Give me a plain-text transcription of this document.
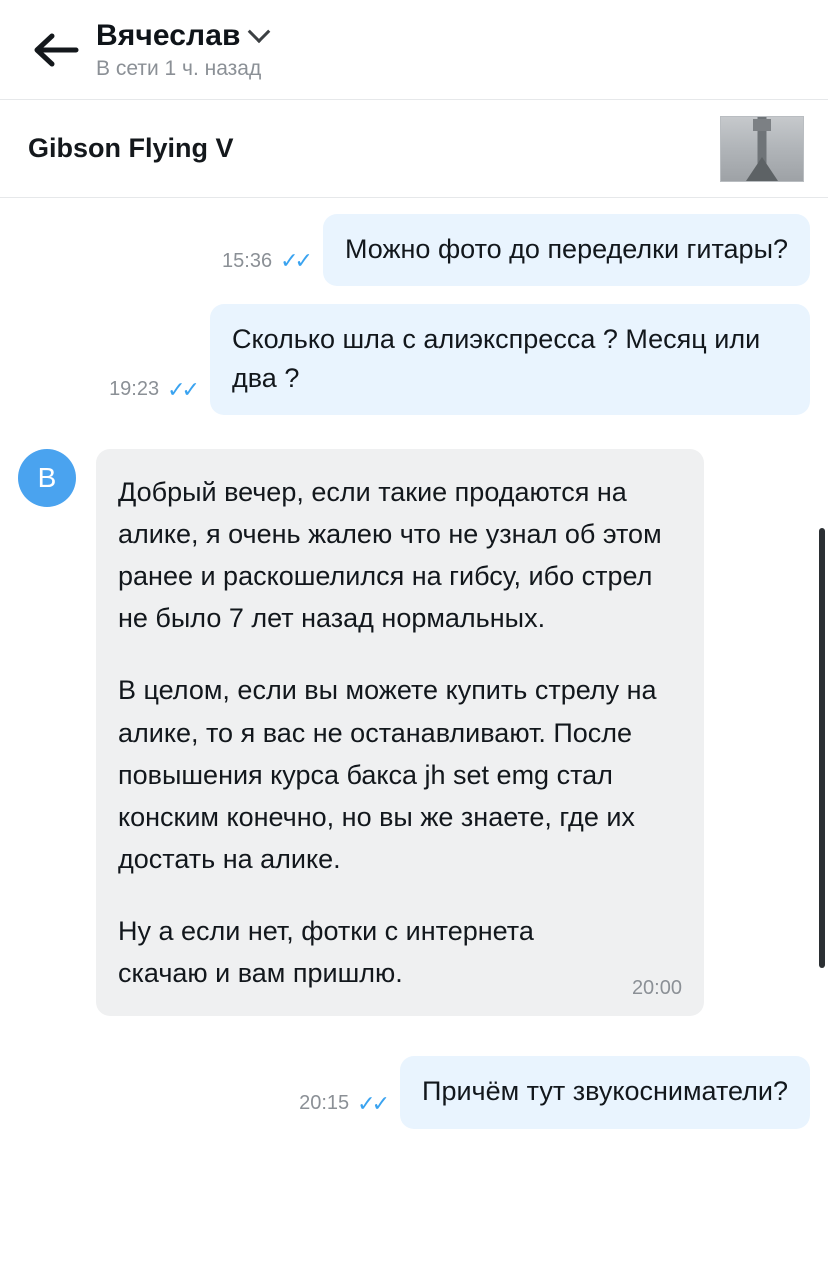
Вячеслав
В сети 1 ч. назад
Gibson Flying V
15:36 ✓✓	Можно фото до переделки гитары?
19:23 ✓✓
Сколько шла с алиэкспресса ? Месяц или два ?
В	Добрый вечер, если такие продаются на алике, я очень жалею что не узнал об этом ранее и раскошелился на гибсу, ибо стрел не было 7 лет назад нормальных.

В целом, если вы можете купить стрелу на алике, то я вас не останавливают. После повышения курса бакса jh set emg стал конским конечно, но вы же знаете, где их достать на алике.

Ну а если нет, фотки с интернета скачаю и вам пришлю.	20:00
20:15 ✓✓	Причём тут звукосниматели?
